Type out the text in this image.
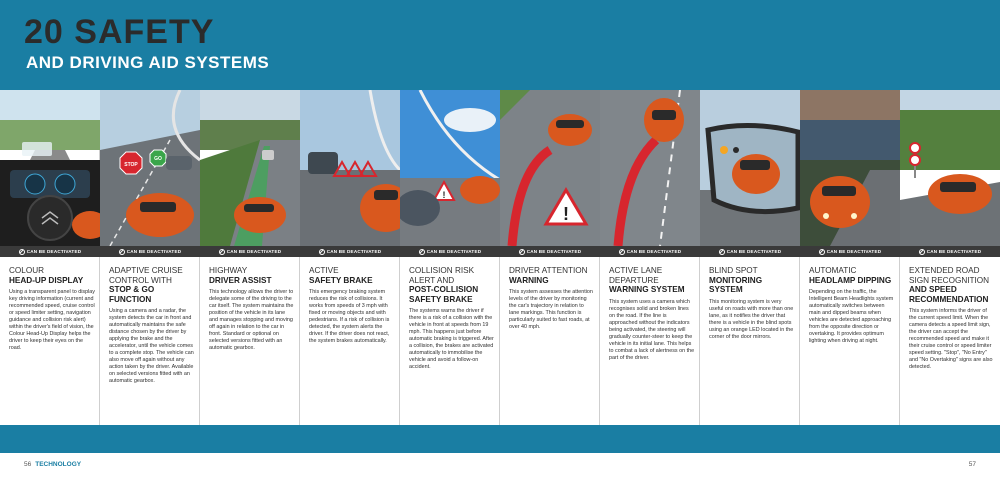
20 SAFETY
AND DRIVING AID SYSTEMS
CAN BE DEACTIVATED
COLOUR
HEAD-UP DISPLAY
Using a transparent panel to display key driving information (current and recommended speed, cruise control or speed limiter setting, navigation guidance and collision risk alert) within the driver's field of vision, the Colour Head-Up Display helps the driver to keep their eyes on the road.
STOP
GO
CAN BE DEACTIVATED
ADAPTIVE CRUISE CONTROL WITH
STOP & GO FUNCTION
Using a camera and a radar, the system detects the car in front and automatically maintains the safe distance chosen by the driver by applying the brake and the accelerator, until the vehicle comes to a complete stop. The vehicle can also move off again without any action taken by the driver. Available on selected versions fitted with an automatic gearbox.
CAN BE DEACTIVATED
HIGHWAY
DRIVER ASSIST
This technology allows the driver to delegate some of the driving to the car itself. The system maintains the position of the vehicle in its lane and manages stopping and moving off again in relation to the car in front. Standard or optional on selected versions fitted with an automatic gearbox.
CAN BE DEACTIVATED
ACTIVE
SAFETY BRAKE
This emergency braking system reduces the risk of collisions. It works from speeds of 3 mph with fixed or moving objects and with pedestrians. If a risk of collision is detected, the system alerts the driver. If the driver does not react, the system brakes automatically.
!
CAN BE DEACTIVATED
COLLISION RISK ALERT AND
POST-COLLISION SAFETY BRAKE
The systems warns the driver if there is a risk of a collision with the vehicle in front at speeds from 19 mph. This happens just before automatic braking is triggered. After a collision, the brakes are activated automatically to immobilise the vehicle and avoid a follow-on accident.
!
CAN BE DEACTIVATED
DRIVER ATTENTION
WARNING
This system assesses the attention levels of the driver by monitoring the car's trajectory in relation to lane markings. This function is particularly suited to fast roads, at over 40 mph.
CAN BE DEACTIVATED
ACTIVE LANE DEPARTURE
WARNING SYSTEM
This system uses a camera which recognises solid and broken lines on the road. If the line is approached without the indicators being activated, the steering will gradually counter-steer to keep the vehicle in its initial lane. This helps to combat a lack of alertness on the part of the driver.
CAN BE DEACTIVATED
BLIND SPOT
MONITORING SYSTEM
This monitoring system is very useful on roads with more than one lane, as it notifies the driver that there is a vehicle in the blind spots using an orange LED located in the corner of the door mirrors.
CAN BE DEACTIVATED
AUTOMATIC
HEADLAMP DIPPING
Depending on the traffic, the Intelligent Beam Headlights system automatically switches between main and dipped beams when vehicles are detected approaching from the opposite direction or overtaking. It provides optimum lighting when driving at night.
CAN BE DEACTIVATED
EXTENDED ROAD SIGN RECOGNITION
AND SPEED RECOMMENDATION
This system informs the driver of the current speed limit. When the camera detects a speed limit sign, the driver can accept the recommended speed and make it their cruise control or speed limiter speed setting. "Stop", "No Entry" and "No Overtaking" signs are also detected.
56 TECHNOLOGY	57
